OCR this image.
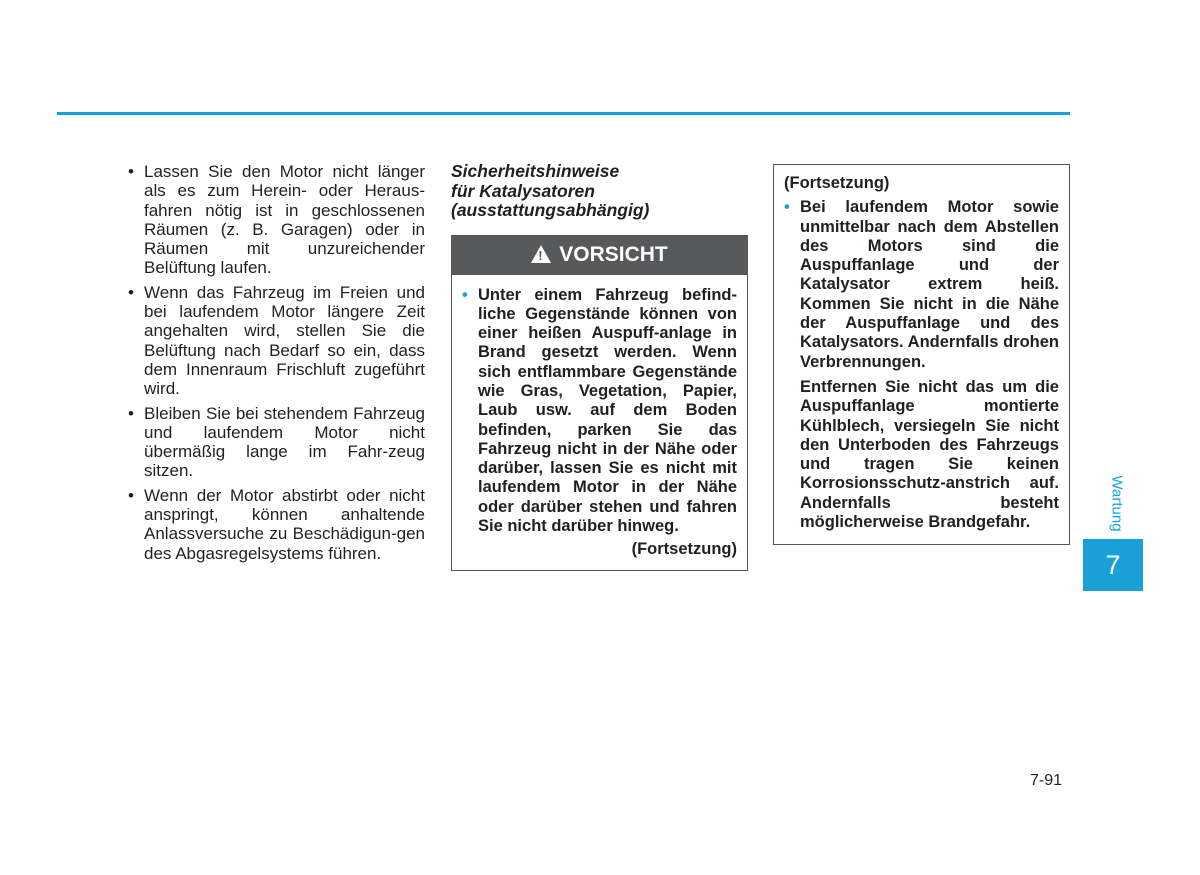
• Lassen Sie den Motor nicht länger als es zum Herein- oder Heraus-fahren nötig ist in geschlossenen Räumen (z. B. Garagen) oder in Räumen mit unzureichender Belüftung laufen.
• Wenn das Fahrzeug im Freien und bei laufendem Motor längere Zeit angehalten wird, stellen Sie die Belüftung nach Bedarf so ein, dass dem Innenraum Frischluft zugeführt wird.
• Bleiben Sie bei stehendem Fahrzeug und laufendem Motor nicht übermäßig lange im Fahr-zeug sitzen.
• Wenn der Motor abstirbt oder nicht anspringt, können anhaltende Anlassversuche zu Beschädigun-gen des Abgasregelsystems führen.
Sicherheitshinweise
für Katalysatoren
(ausstattungsabhängig)
!
VORSICHT
• Unter einem Fahrzeug befind-liche Gegenstände können von einer heißen Auspuff-anlage in Brand gesetzt werden. Wenn sich entflammbare Gegenstände wie Gras, Vegetation, Papier, Laub usw. auf dem Boden befinden, parken Sie das Fahrzeug nicht in der Nähe oder darüber, lassen Sie es nicht mit laufendem Motor in der Nähe oder darüber stehen und fahren Sie nicht darüber hinweg.
(Fortsetzung)
(Fortsetzung)
• Bei laufendem Motor sowie unmittelbar nach dem Abstellen des Motors sind die Auspuffanlage und der Katalysator extrem heiß. Kommen Sie nicht in die Nähe der Auspuffanlage und des Katalysators. Andernfalls drohen Verbrennungen.
Entfernen Sie nicht das um die Auspuffanlage montierte Kühlblech, versiegeln Sie nicht den Unterboden des Fahrzeugs und tragen Sie keinen Korrosionsschutz-anstrich auf. Andernfalls besteht möglicherweise Brandgefahr.	Wartung
7
7-91
